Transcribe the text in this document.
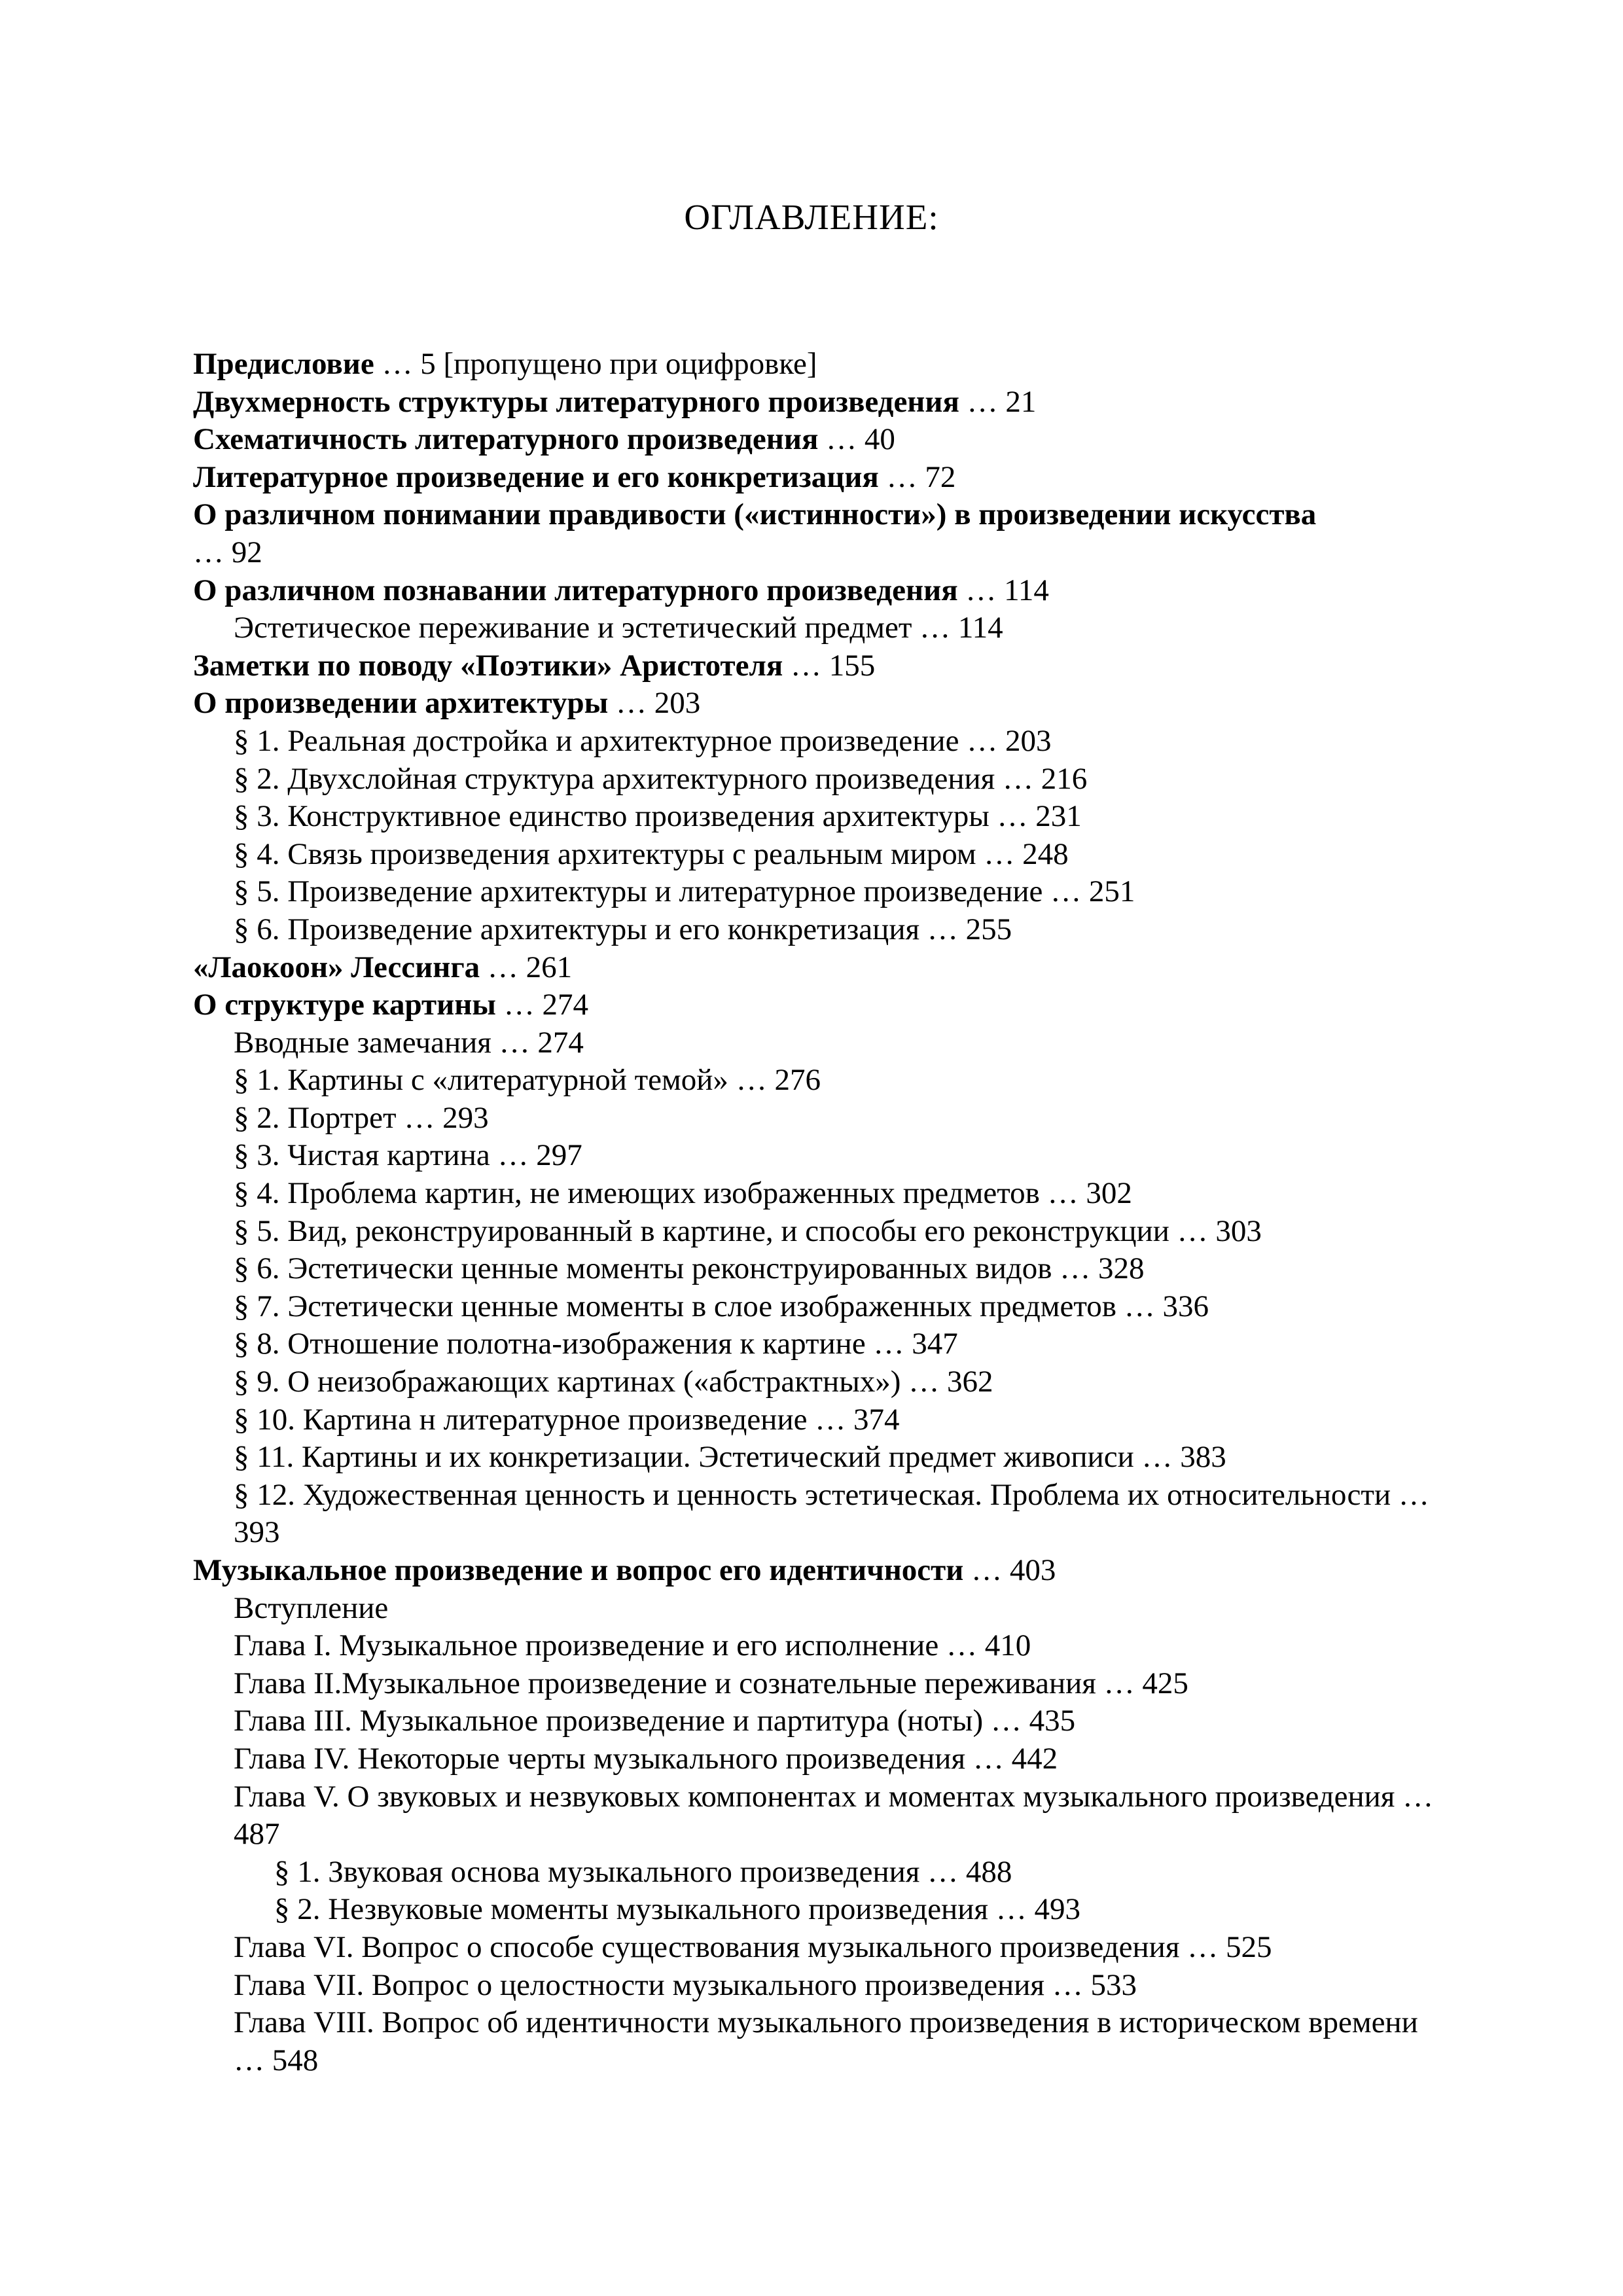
ОГЛАВЛЕНИЕ:

Предисловие … 5 [пропущено при оцифровке]

Двухмерность структуры литературного произведения … 21

Схематичность литературного произведения … 40

Литературное произведение и его конкретизация … 72

О различном понимании правдивости («истинности») в произведении искусства
… 92

О различном познавании литературного произведения … 114

Эстетическое переживание и эстетический предмет … 114

Заметки по поводу «Поэтики» Аристотеля … 155

О произведении архитектуры … 203

§ 1. Реальная достройка и архитектурное произведение … 203

§ 2. Двухслойная структура архитектурного произведения … 216

§ 3. Конструктивное единство произведения архитектуры … 231

§ 4. Связь произведения архитектуры с реальным миром … 248

§ 5. Произведение архитектуры и литературное произведение … 251

§ 6. Произведение архитектуры и его конкретизация … 255

«Лаокоон» Лессинга … 261

О структуре картины … 274

Вводные замечания … 274

§ 1. Картины с «литературной темой» … 276

§ 2. Портрет … 293

§ 3. Чистая картина … 297

§ 4. Проблема картин, не имеющих изображенных предметов … 302

§ 5. Вид, реконструированный в картине, и способы его реконструкции … 303

§ 6. Эстетически ценные моменты реконструированных видов … 328

§ 7. Эстетически ценные моменты в слое изображенных предметов … 336

§ 8. Отношение полотна-изображения к картине … 347

§ 9. О неизображающих картинах («абстрактных») … 362

§ 10. Картина н литературное произведение … 374

§ 11. Картины и их конкретизации. Эстетический предмет живописи … 383

§ 12. Художественная ценность и ценность эстетическая. Проблема их относительности …393

Музыкальное произведение и вопрос его идентичности … 403

Вступление

Глава I. Музыкальное произведение и его исполнение … 410

Глава II.Музыкальное произведение и сознательные переживания … 425

Глава III. Музыкальное произведение и партитура (ноты) … 435

Глава IV. Некоторые черты музыкального произведения … 442

Глава V. О звуковых и незвуковых компонентах и моментах музыкального произведения …487

§ 1. Звуковая основа музыкального произведения … 488

§ 2. Незвуковые моменты музыкального произведения … 493

Глава VI. Вопрос о способе существования музыкального произведения … 525

Глава VII. Вопрос о целостности музыкального произведения … 533

Глава VIII. Вопрос об идентичности музыкального произведения в историческом времени… 548
